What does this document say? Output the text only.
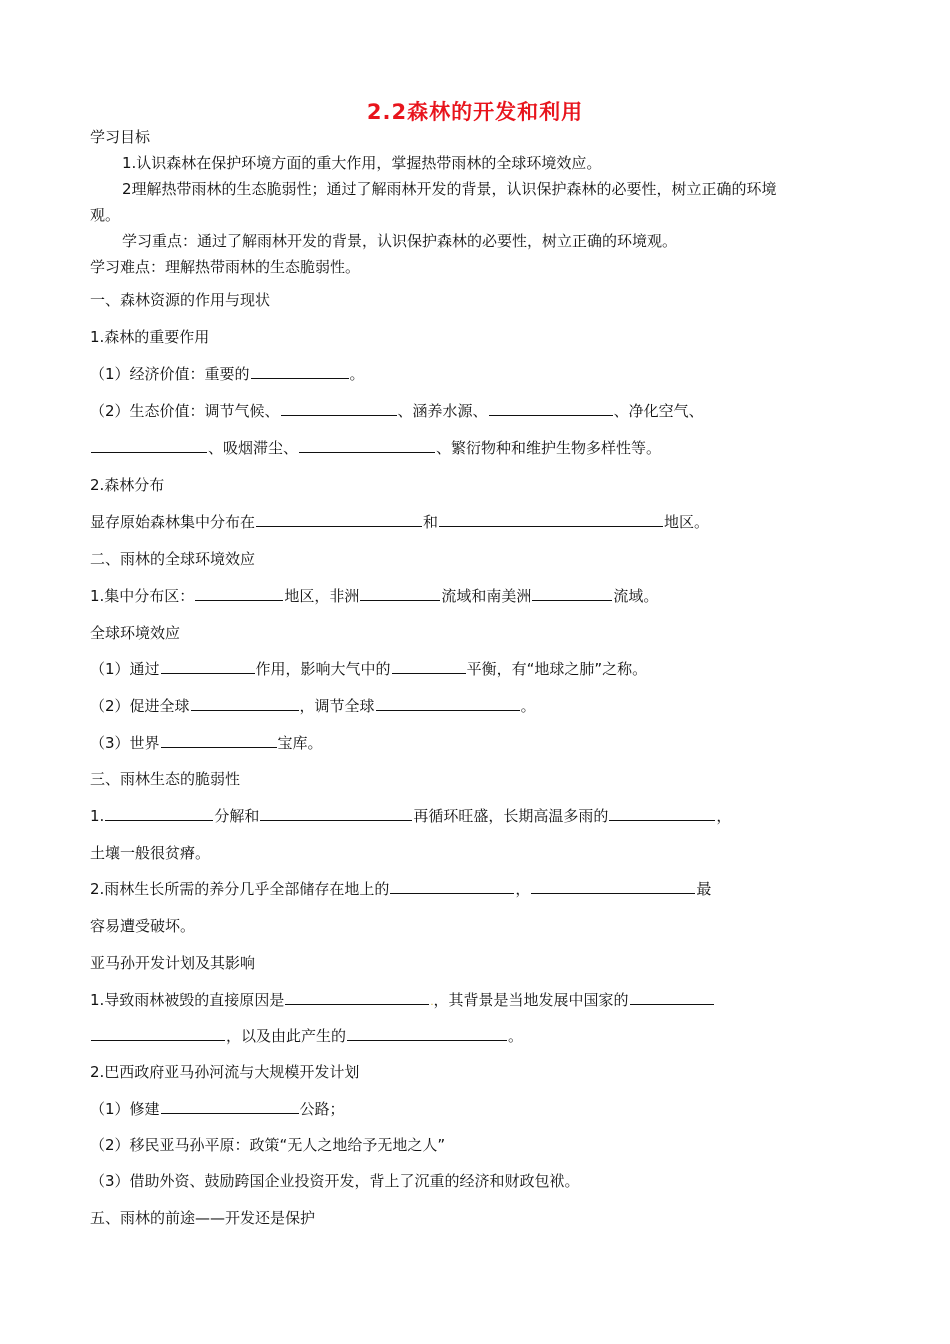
2.2森林的开发和利用
学习目标
1.认识森林在保护环境方面的重大作用，掌握热带雨林的全球环境效应。
2理解热带雨林的生态脆弱性；通过了解雨林开发的背景，认识保护森林的必要性，树立正确的环境
观。
学习重点：通过了解雨林开发的背景，认识保护森林的必要性，树立正确的环境观。
学习难点：理解热带雨林的生态脆弱性。
一、森林资源的作用与现状
1.森林的重要作用
（1）经济价值：重要的	。
（2）生态价值：调节气候、	、涵养水源、	、净化空气、
、吸烟滞尘、	、繁衍物种和维护生物多样性等。
2.森林分布
显存原始森林集中分布在	和	地区。
二、雨林的全球环境效应
1.集中分布区：	地区，非洲	流域和南美洲	流域。
全球环境效应
（1）通过	作用，影响大气中的	平衡，有“地球之肺”之称。
（2）促进全球	，调节全球	。
（3）世界	宝库。
三、雨林生态的脆弱性
1.	分解和	再循环旺盛，长期高温多雨的	，
土壤一般很贫瘠。
2.雨林生长所需的养分几乎全部储存在地上的	，	最
容易遭受破坏。
亚马孙开发计划及其影响
1.导致雨林被毁的直接原因是	.，其背景是当地发展中国家的
，以及由此产生的	。
2.巴西政府亚马孙河流与大规模开发计划
（1）修建	公路；
（2）移民亚马孙平原：政策“无人之地给予无地之人”
（3）借助外资、鼓励跨国企业投资开发，背上了沉重的经济和财政包袱。
五、雨林的前途——开发还是保护
